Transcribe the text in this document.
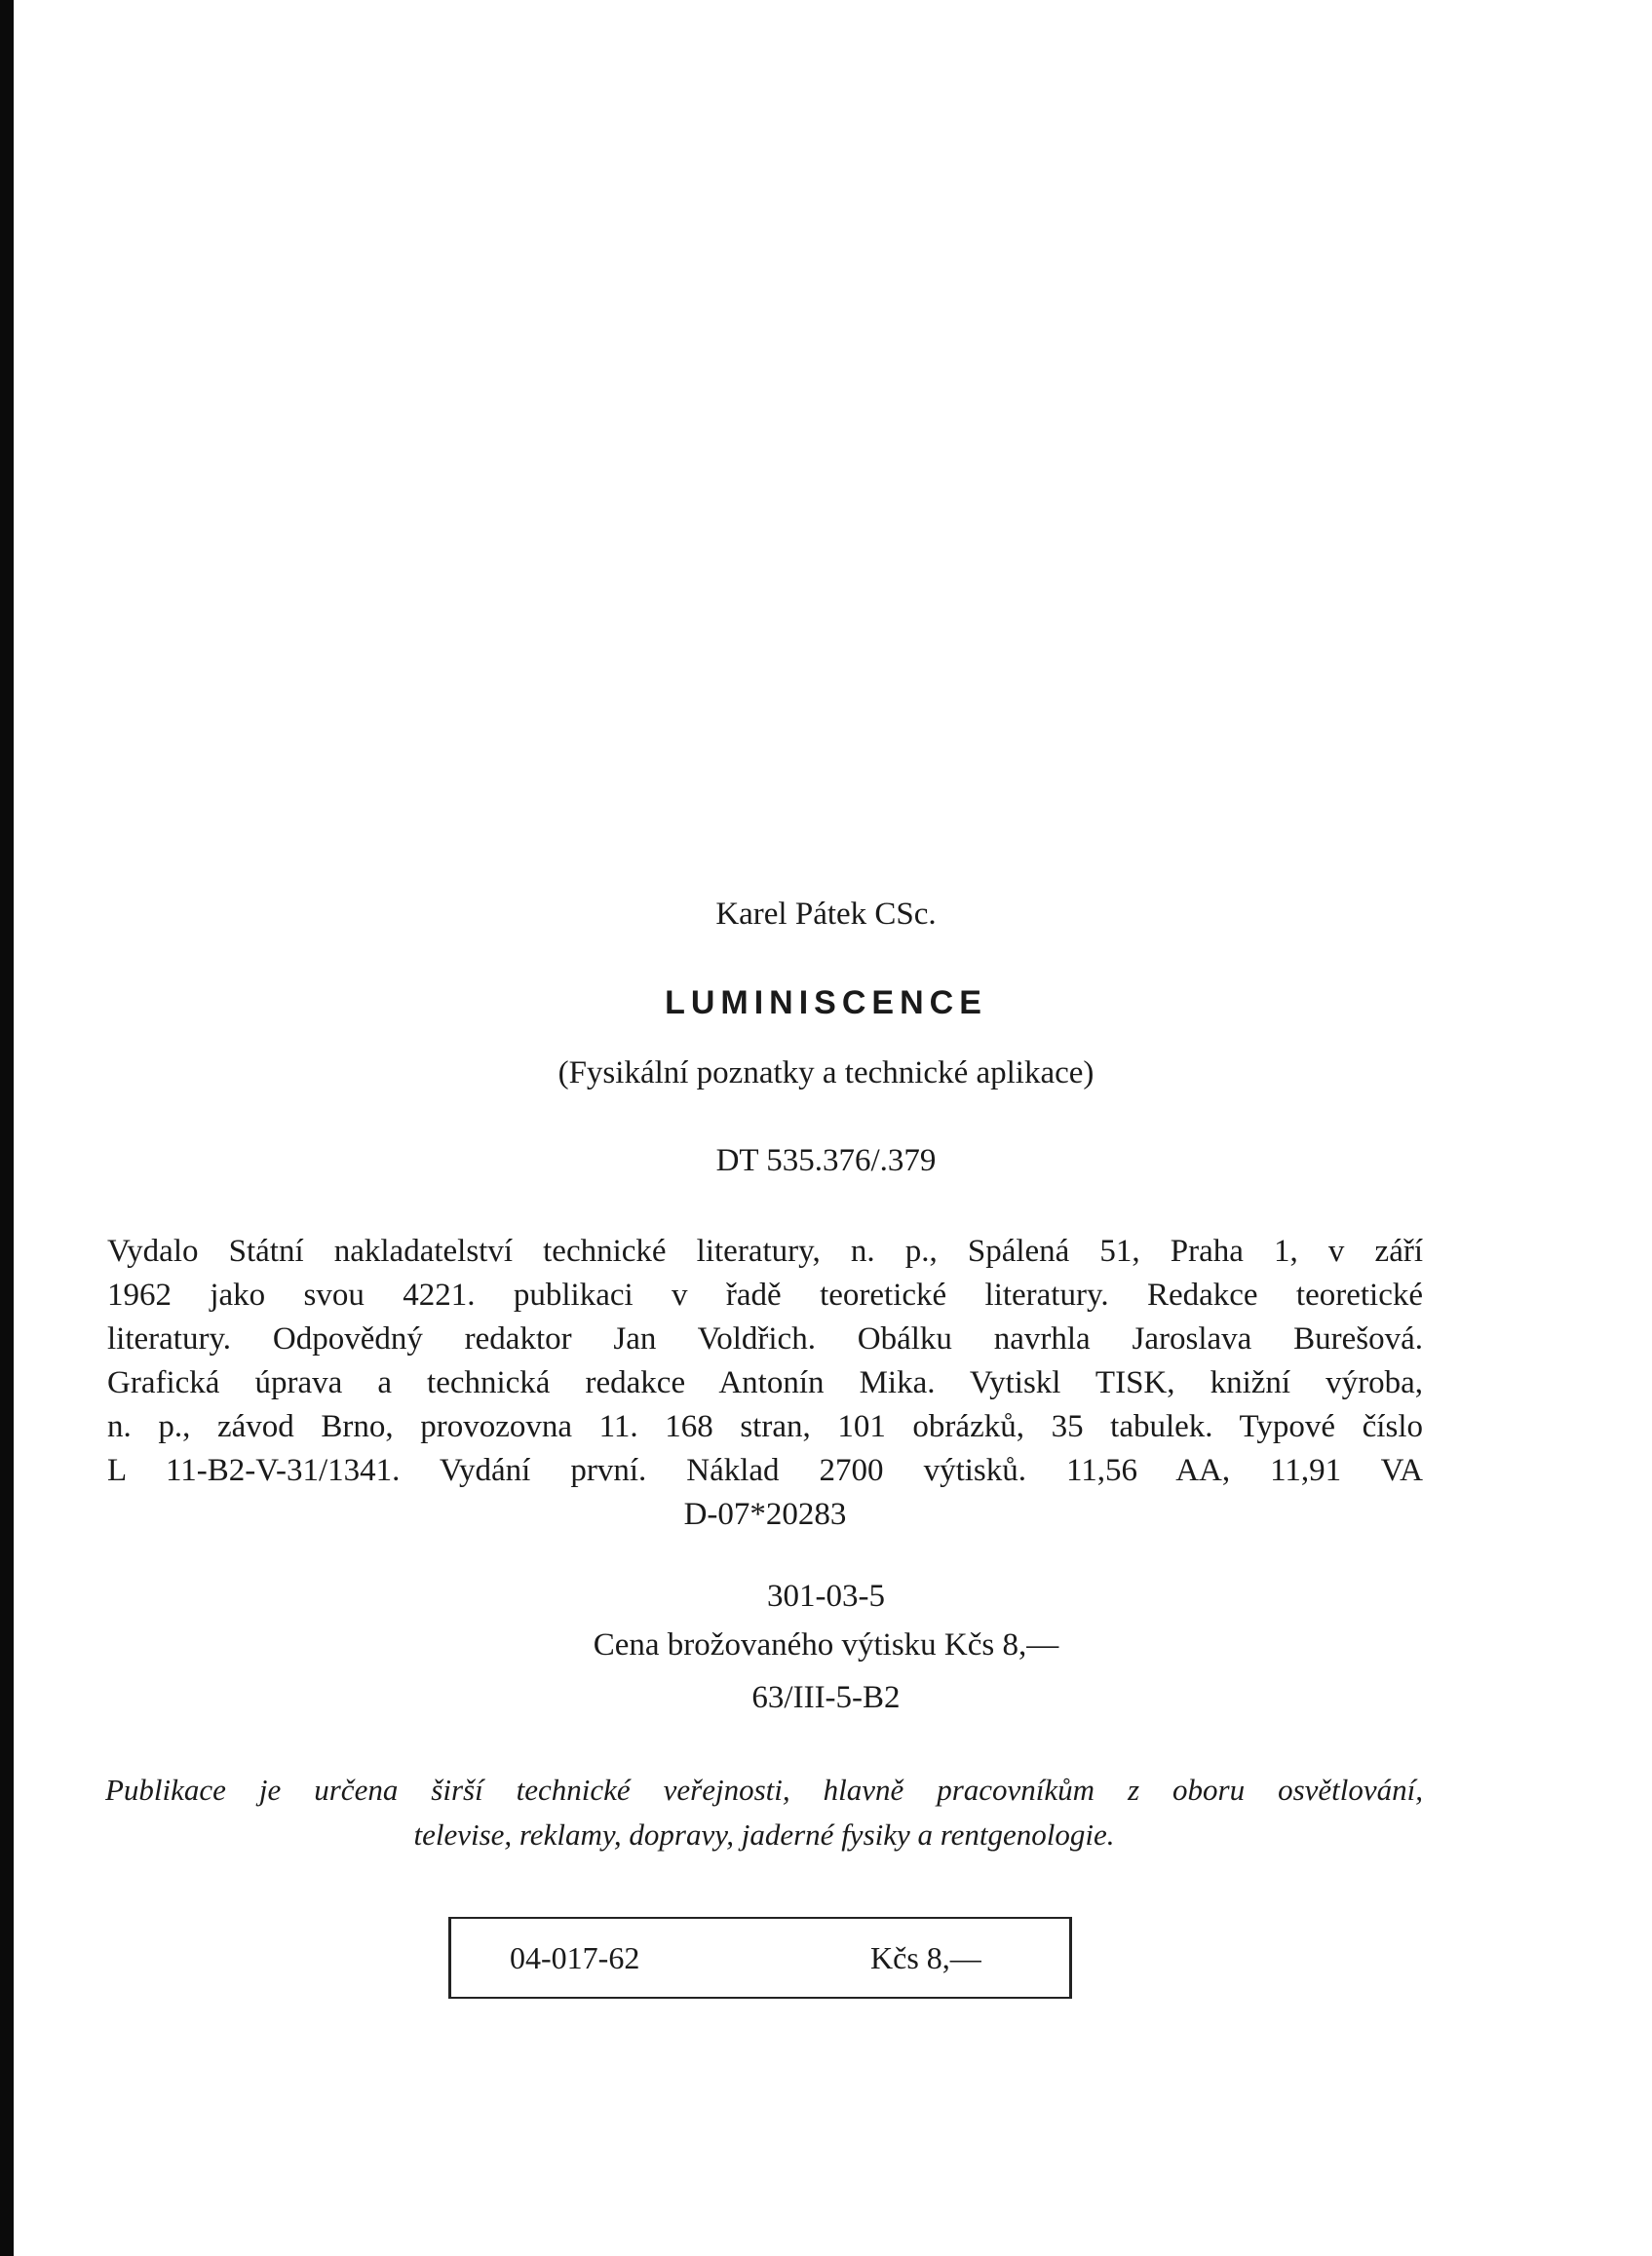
Karel Pátek CSc.
LUMINISCENCE
(Fysikální poznatky a technické aplikace)
DT 535.376/.379
Vydalo Státní nakladatelství technické literatury, n. p., Spálená 51, Praha 1, v září
1962 jako svou 4221. publikaci v řadě teoretické literatury. Redakce teoretické
literatury. Odpovědný redaktor Jan Voldřich. Obálku navrhla Jaroslava Burešová.
Grafická úprava a technická redakce Antonín Mika. Vytiskl TISK, knižní výroba,
n. p., závod Brno, provozovna 11. 168 stran, 101 obrázků, 35 tabulek. Typové číslo
L 11-B2-V-31/1341. Vydání první. Náklad 2700 výtisků. 11,56 AA, 11,91 VA
D-07*20283
301-03-5
Cena brožovaného výtisku Kčs 8,—
63/III-5-B2
Publikace je určena širší technické veřejnosti, hlavně pracovníkům z oboru osvětlování,
televise, reklamy, dopravy, jaderné fysiky a rentgenologie.
04-017-62	Kčs 8,—
